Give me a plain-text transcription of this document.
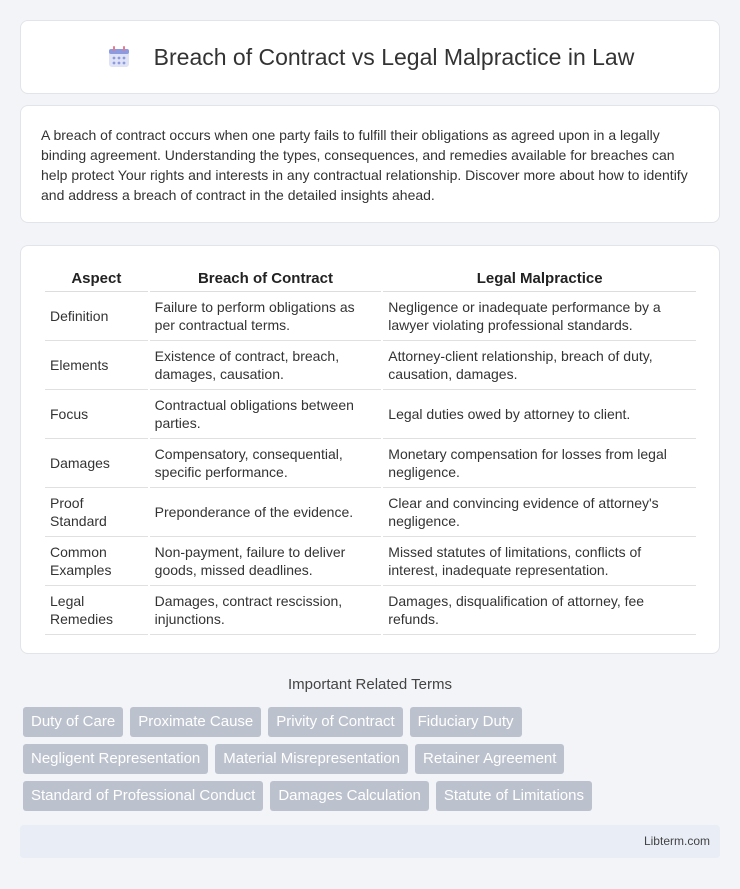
Breach of Contract vs Legal Malpractice in Law

A breach of contract occurs when one party fails to fulfill their obligations as agreed upon in a legally binding agreement. Understanding the types, consequences, and remedies available for breaches can help protect Your rights and interests in any contractual relationship. Discover more about how to identify and address a breach of contract in the detailed insights ahead.

Aspect	Breach of Contract	Legal Malpractice
Definition	Failure to perform obligations as per contractual terms.	Negligence or inadequate performance by a lawyer violating professional standards.
Elements	Existence of contract, breach, damages, causation.	Attorney-client relationship, breach of duty, causation, damages.
Focus	Contractual obligations between parties.	Legal duties owed by attorney to client.
Damages	Compensatory, consequential, specific performance.	Monetary compensation for losses from legal negligence.
Proof Standard	Preponderance of the evidence.	Clear and convincing evidence of attorney's negligence.
Common Examples	Non-payment, failure to deliver goods, missed deadlines.	Missed statutes of limitations, conflicts of interest, inadequate representation.
Legal Remedies	Damages, contract rescission, injunctions.	Damages, disqualification of attorney, fee refunds.
Important Related Terms
Duty of Care	Proximate Cause	Privity of Contract	Fiduciary Duty
Negligent Representation	Material Misrepresentation	Retainer Agreement
Standard of Professional Conduct	Damages Calculation	Statute of Limitations
Libterm.com
